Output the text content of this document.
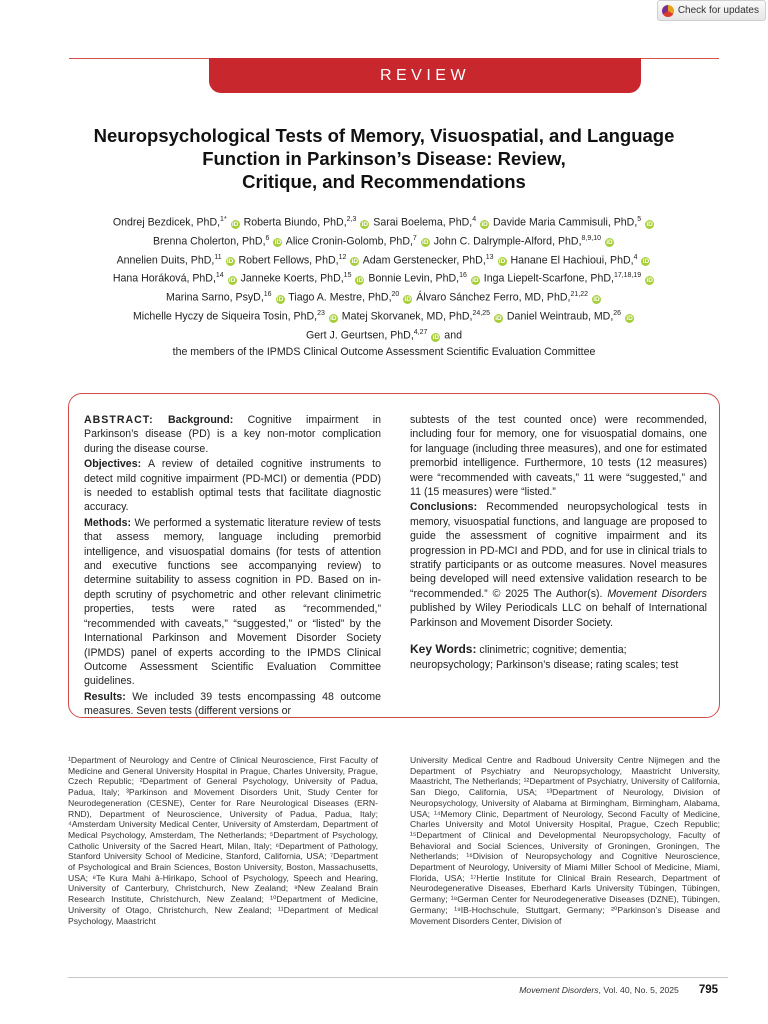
Check for updates
REVIEW
Neuropsychological Tests of Memory, Visuospatial, and Language
Function in Parkinson’s Disease: Review,
Critique, and Recommendations
Ondrej Bezdicek, PhD,$^{1*}$ iD Roberta Biundo, PhD,$^{2,3}$ iD Sarai Boelema, PhD,$^4$ iD Davide Maria Cammisuli, PhD,$^5$ iD
Brenna Cholerton, PhD,$^6$ iD Alice Cronin-Golomb, PhD,$^7$ iD John C. Dalrymple-Alford, PhD,$^{8,9,10}$ iD
Annelien Duits, PhD,$^{11}$ iD Robert Fellows, PhD,$^{12}$ iD Adam Gerstenecker, PhD,$^{13}$ iD Hanane El Hachioui, PhD,$^4$ iD
Hana Horáková, PhD,$^{14}$ iD Janneke Koerts, PhD,$^{15}$ iD Bonnie Levin, PhD,$^{16}$ iD Inga Liepelt-Scarfone, PhD,$^{17,18,19}$ iD
Marina Sarno, PsyD,$^{16}$ iD Tiago A. Mestre, PhD,$^{20}$ iD Álvaro Sánchez Ferro, MD, PhD,$^{21,22}$ iD
Michelle Hyczy de Siqueira Tosin, PhD,$^{23}$ iD Matej Skorvanek, MD, PhD,$^{24,25}$ iD Daniel Weintraub, MD,$^{26}$ iD
Gert J. Geurtsen, PhD,$^{4,27}$ iD and
the members of the IPMDS Clinical Outcome Assessment Scientific Evaluation Committee

ABSTRACT: Background: Cognitive impairment in Parkinson’s disease (PD) is a key non-motor complication during the disease course.

Objectives: A review of detailed cognitive instruments to detect mild cognitive impairment (PD-MCI) or dementia (PDD) is needed to establish optimal tests that facilitate diagnostic accuracy.

Methods: We performed a systematic literature review of tests that assess memory, language including premorbid intelligence, and visuospatial domains (for tests of attention and executive functions see accompanying review) to determine suitability to assess cognition in PD. Based on in-depth scrutiny of psychometric and other relevant clinimetric properties, tests were rated as “recommended,” “recommended with caveats,” “suggested,” or “listed” by the International Parkinson and Movement Disorder Society (IPMDS) panel of experts according to the IPMDS Clinical Outcome Assessment Scientific Evaluation Committee guidelines.

Results: We included 39 tests encompassing 48 outcome measures. Seven tests (different versions or

subtests of the test counted once) were recommended, including four for memory, one for visuospatial domains, one for language (including three measures), and one for estimated premorbid intelligence. Furthermore, 10 tests (12 measures) were “recommended with caveats,” 11 were “suggested,” and 11 (15 measures) were “listed.”

Conclusions: Recommended neuropsychological tests in memory, visuospatial functions, and language are proposed to guide the assessment of cognitive impairment and its progression in PD-MCI and PDD, and for use in clinical trials to stratify participants or as outcome measures. Novel measures being developed will need extensive validation research to be “recommended.” © 2025 The Author(s). Movement Disorders published by Wiley Periodicals LLC on behalf of International Parkinson and Movement Disorder Society.

Key Words: clinimetric; cognitive; dementia; neuropsychology; Parkinson’s disease; rating scales; test

¹Department of Neurology and Centre of Clinical Neuroscience, First Faculty of Medicine and General University Hospital in Prague, Charles University, Prague, Czech Republic; ²Department of General Psychology, University of Padua, Padua, Italy; ³Parkinson and Movement Disorders Unit, Study Center for Neurodegeneration (CESNE), Center for Rare Neurological Diseases (ERN-RND), Department of Neuroscience, University of Padua, Padua, Italy; ⁴Amsterdam University Medical Center, University of Amsterdam, Department of Medical Psychology, Amsterdam, The Netherlands; ⁵Department of Psychology, Catholic University of the Sacred Heart, Milan, Italy; ⁶Department of Pathology, Stanford University School of Medicine, Stanford, California, USA; ⁷Department of Psychological and Brain Sciences, Boston University, Boston, Massachusetts, USA; ⁸Te Kura Mahi ā-Hirikapo, School of Psychology, Speech and Hearing, University of Canterbury, Christchurch, New Zealand; ⁹New Zealand Brain Research Institute, Christchurch, New Zealand; ¹⁰Department of Medicine, University of Otago, Christchurch, New Zealand; ¹¹Department of Medical Psychology, Maastricht
University Medical Centre and Radboud University Centre Nijmegen and the Department of Psychiatry and Neuropsychology, Maastricht University, Maastricht, The Netherlands; ¹²Department of Psychiatry, University of California, San Diego, California, USA; ¹³Department of Neurology, Division of Neuropsychology, University of Alabama at Birmingham, Birmingham, Alabama, USA; ¹⁴Memory Clinic, Department of Neurology, Second Faculty of Medicine, Charles University and Motol University Hospital, Prague, Czech Republic; ¹⁵Department of Clinical and Developmental Neuropsychology, Faculty of Behavioral and Social Sciences, University of Groningen, Groningen, The Netherlands; ¹⁶Division of Neuropsychology and Cognitive Neuroscience, Department of Neurology, University of Miami Miller School of Medicine, Miami, Florida, USA; ¹⁷Hertie Institute for Clinical Brain Research, Department of Neurodegenerative Diseases, Eberhard Karls University Tübingen, Tübingen, Germany; ¹⁸German Center for Neurodegenerative Diseases (DZNE), Tübingen, Germany; ¹⁹IB-Hochschule, Stuttgart, Germany; ²⁰Parkinson’s Disease and Movement Disorders Center, Division of
Movement Disorders, Vol. 40, No. 5, 2025 795
